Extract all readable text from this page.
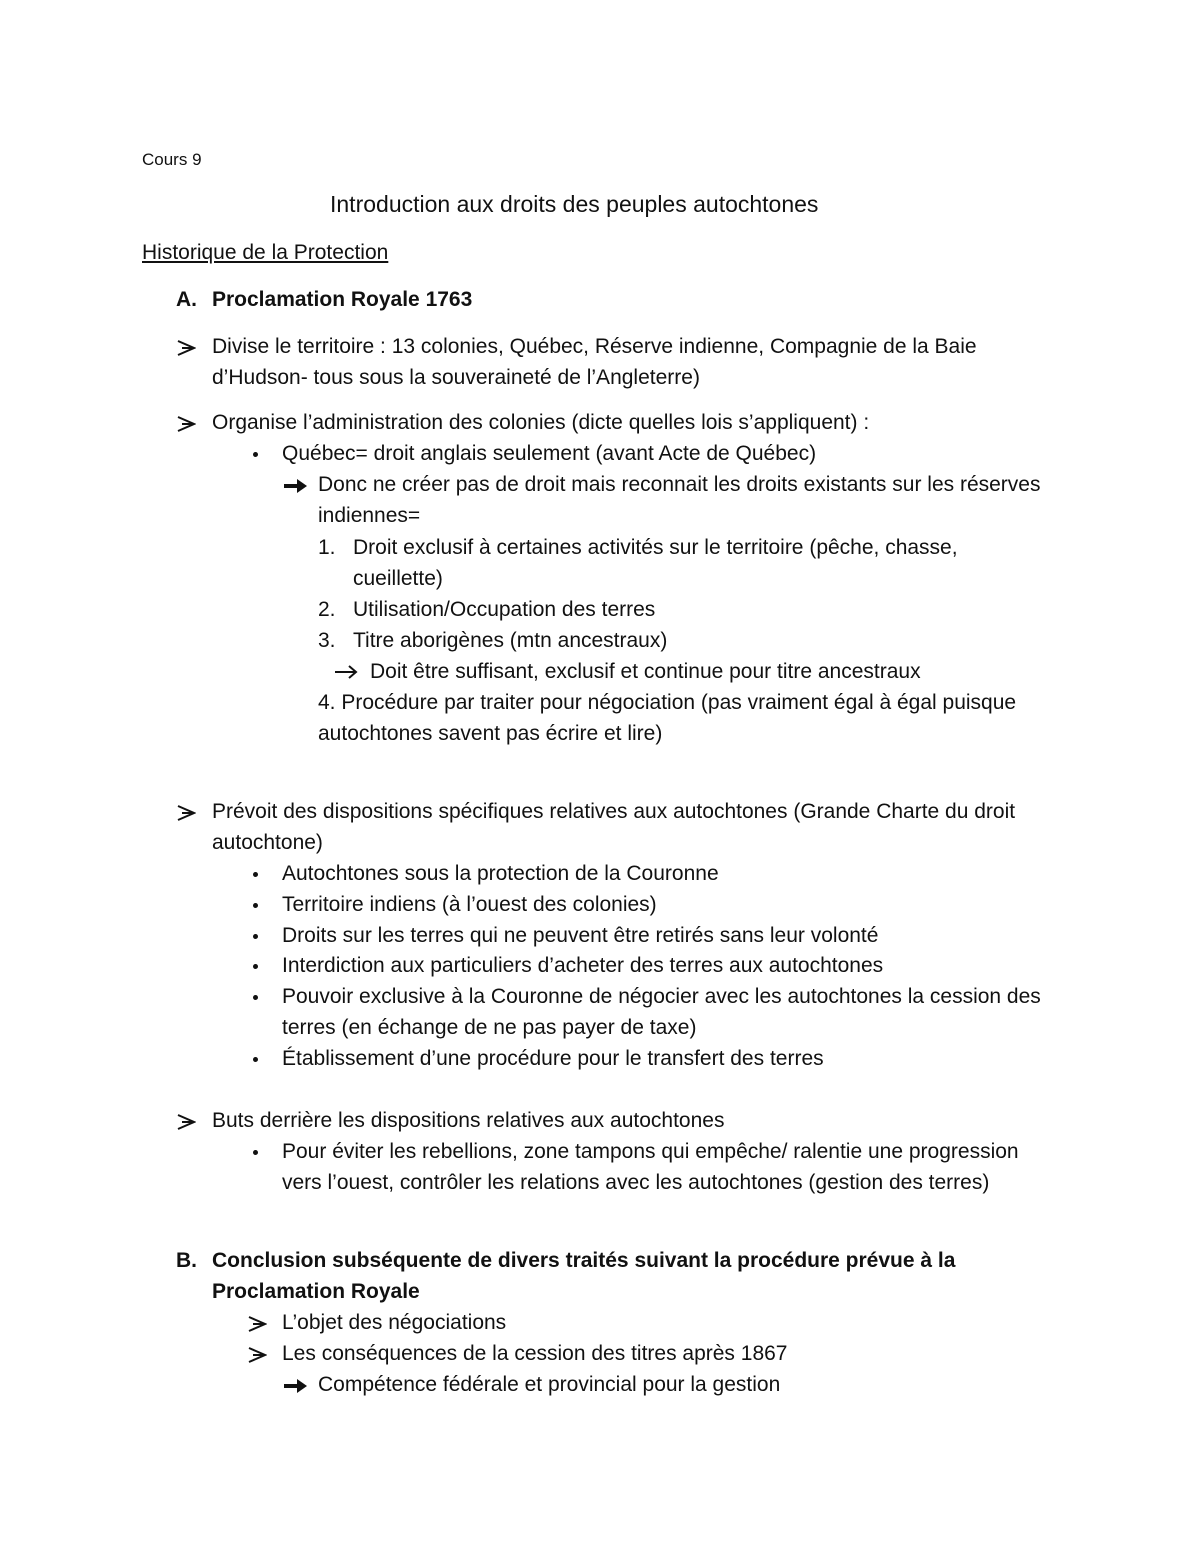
Cours 9
Introduction aux droits des peuples autochtones
Historique de la Protection
A. Proclamation Royale 1763
Divise le territoire : 13 colonies, Québec, Réserve indienne, Compagnie de la Baie
d’Hudson- tous sous la souveraineté de l’Angleterre)
Organise l’administration des colonies (dicte quelles lois s’appliquent) :
Québec= droit anglais seulement (avant Acte de Québec)
Donc ne créer pas de droit mais reconnait les droits existants sur les réserves
indiennes=
1. Droit exclusif à certaines activités sur le territoire (pêche, chasse,
cueillette)
2. Utilisation/Occupation des terres
3. Titre aborigènes (mtn ancestraux)
Doit être suffisant, exclusif et continue pour titre ancestraux
4. Procédure par traiter pour négociation (pas vraiment égal à égal puisque
autochtones savent pas écrire et lire)
Prévoit des dispositions spécifiques relatives aux autochtones (Grande Charte du droit
autochtone)
Autochtones sous la protection de la Couronne
Territoire indiens (à l’ouest des colonies)
Droits sur les terres qui ne peuvent être retirés sans leur volonté
Interdiction aux particuliers d’acheter des terres aux autochtones
Pouvoir exclusive à la Couronne de négocier avec les autochtones la cession des
terres (en échange de ne pas payer de taxe)
Établissement d’une procédure pour le transfert des terres
Buts derrière les dispositions relatives aux autochtones
Pour éviter les rebellions, zone tampons qui empêche/ ralentie une progression
vers l’ouest, contrôler les relations avec les autochtones (gestion des terres)
B. Conclusion subséquente de divers traités suivant la procédure prévue à la
Proclamation Royale
L’objet des négociations
Les conséquences de la cession des titres après 1867
Compétence fédérale et provincial pour la gestion
